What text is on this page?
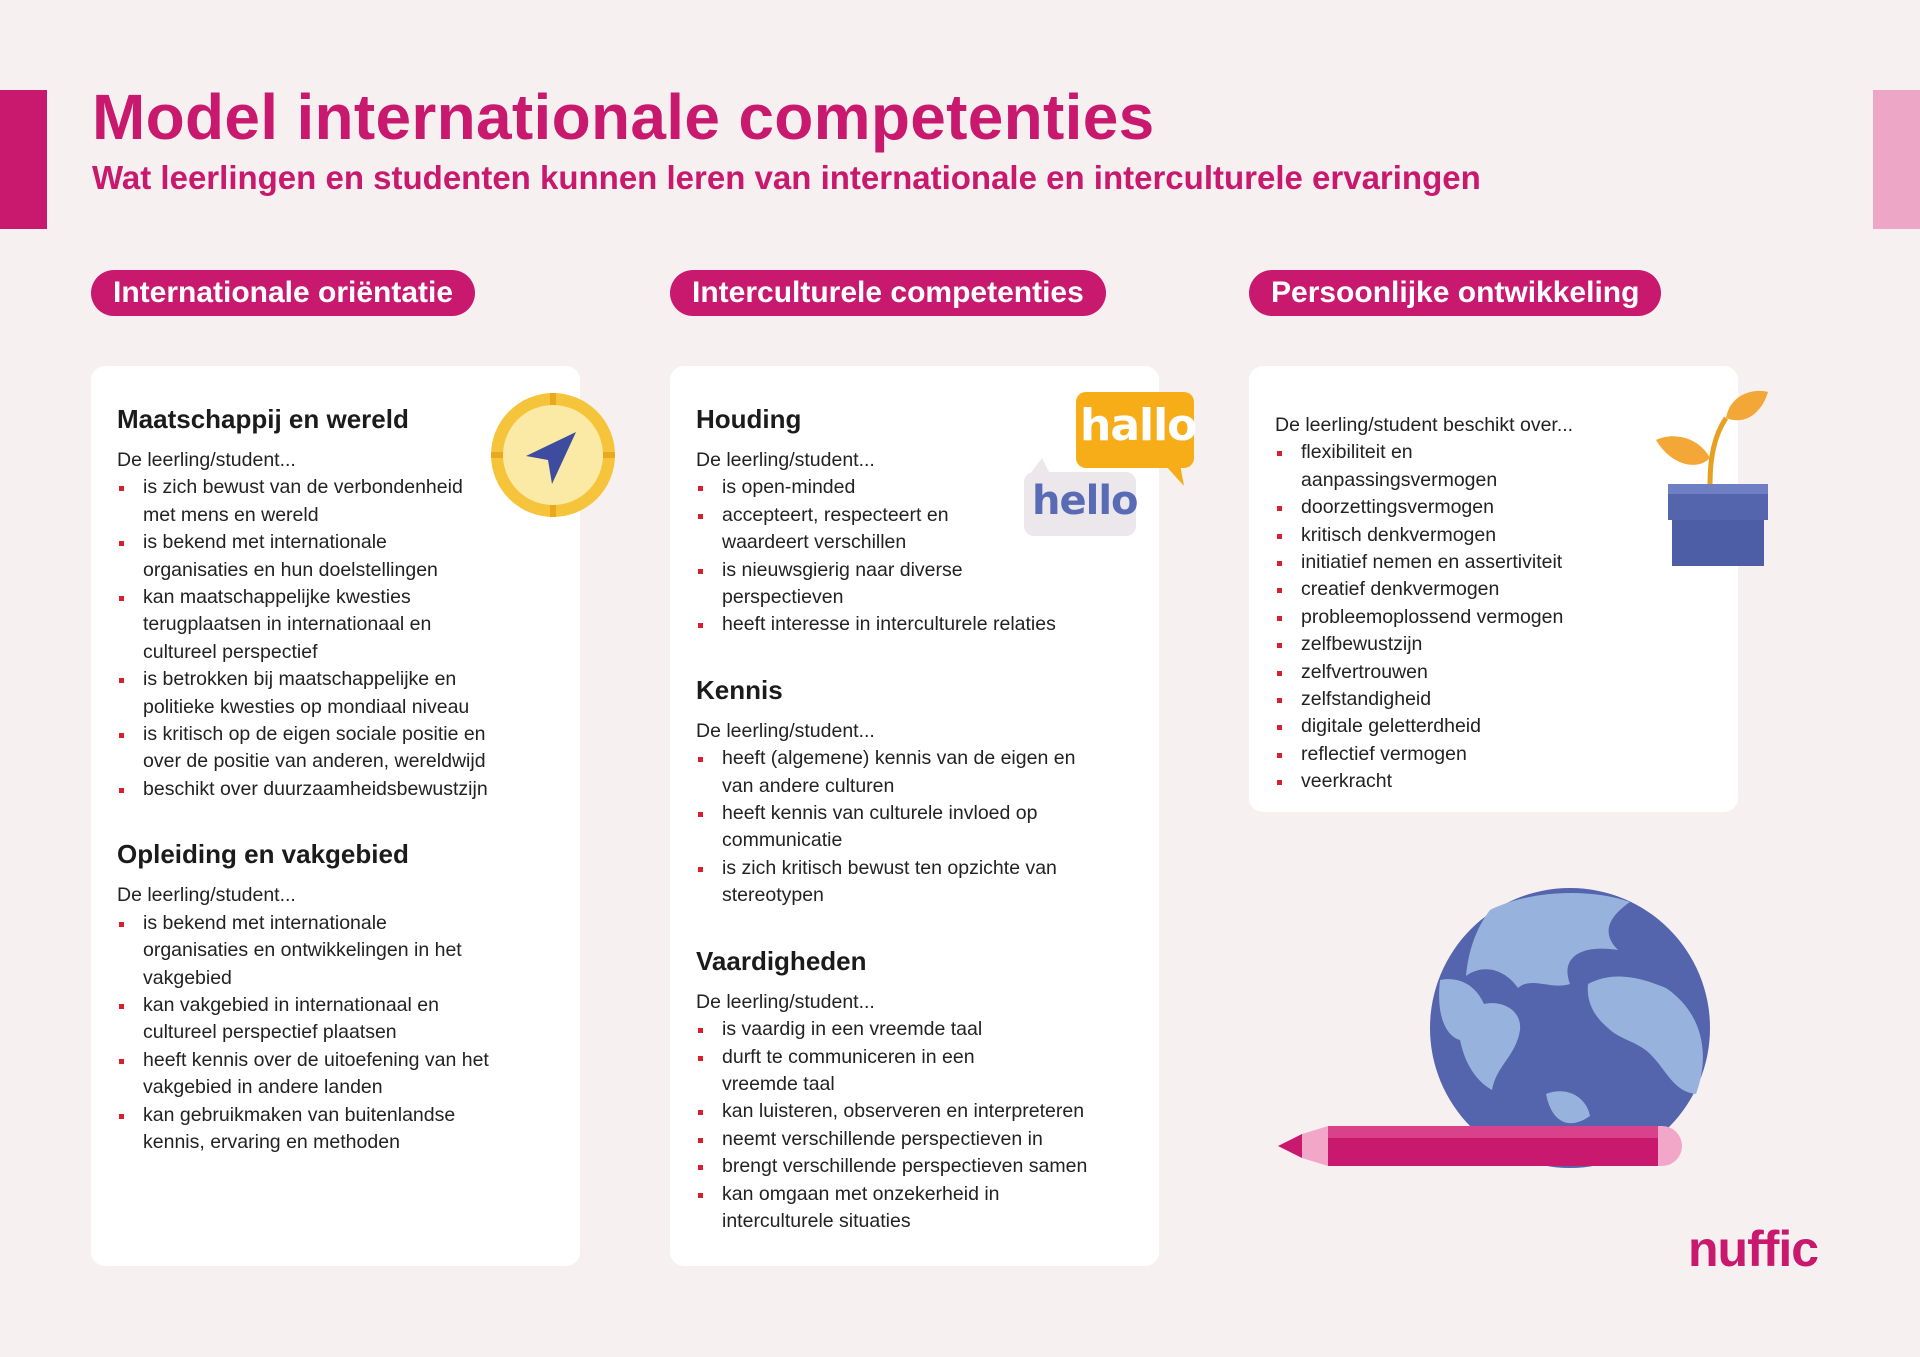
Model internationale competenties
Wat leerlingen en studenten kunnen leren van internationale en interculturele ervaringen
Internationale oriëntatie	Interculturele competenties	Persoonlijke ontwikkeling
Maatschappij en wereld
De leerling/student...
is zich bewust van de verbondenheid met mens en wereld
is bekend met internationale organisaties en hun doelstellingen
kan maatschappelijke kwesties terugplaatsen in internationaal en cultureel perspectief
is betrokken bij maatschappelijke en politieke kwesties op mondiaal niveau
is kritisch op de eigen sociale positie en over de positie van anderen, wereldwijd
beschikt over duurzaamheidsbewustzijn
Opleiding en vakgebied
De leerling/student...
is bekend met internationale organisaties en ontwikkelingen in het vakgebied
kan vakgebied in internationaal en cultureel perspectief plaatsen
heeft kennis over de uitoefening van het vakgebied in andere landen
kan gebruikmaken van buitenlandse kennis, ervaring en methoden
Houding
De leerling/student...
is open-minded
accepteert, respecteert en waardeert verschillen
is nieuwsgierig naar diverse perspectieven
heeft interesse in interculturele relaties
Kennis
De leerling/student...
heeft (algemene) kennis van de eigen en van andere culturen
heeft kennis van culturele invloed op communicatie
is zich kritisch bewust ten opzichte van stereotypen
Vaardigheden
De leerling/student...
is vaardig in een vreemde taal
durft te communiceren in een vreemde taal
kan luisteren, observeren en interpreteren
neemt verschillende perspectieven in
brengt verschillende perspectieven samen
kan omgaan met onzekerheid in interculturele situaties
hello
hallo	De leerling/student beschikt over...
flexibiliteit en aanpassingsvermogen
doorzettingsvermogen
kritisch denkvermogen
initiatief nemen en assertiviteit
creatief denkvermogen
probleemoplossend vermogen
zelfbewustzijn
zelfvertrouwen
zelfstandigheid
digitale geletterdheid
reflectief vermogen
veerkracht
nuffic
